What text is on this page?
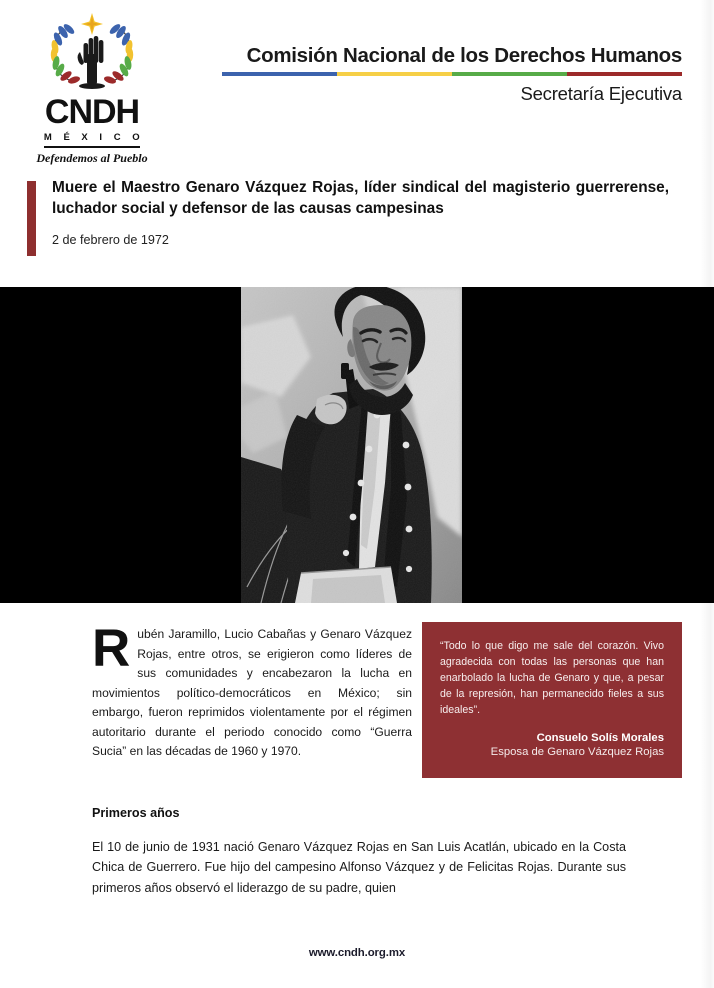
CNDH
M É X I C O
Defendemos al Pueblo
Comisión Nacional de los Derechos Humanos
Secretaría Ejecutiva
Muere el Maestro Genaro Vázquez Rojas, líder sindical del magisterio guerrerense, luchador social y defensor de las causas campesinas
2 de febrero de 1972

Rubén Jaramillo, Lucio Cabañas y Genaro Vázquez Rojas, entre otros, se erigieron como líderes de sus comunidades y encabezaron la lucha en movimientos político-democráticos en México; sin embargo, fueron reprimidos violentamente por el régimen autoritario durante el periodo conocido como “Guerra Sucia” en las décadas de 1960 y 1970.

“Todo lo que digo me sale del corazón. Vivo agradecida con todas las personas que han enarbolado la lucha de Genaro y que, a pesar de la represión, han permanecido fieles a sus ideales”.

Consuelo Solís Morales
Esposa de Genaro Vázquez Rojas
Primeros años

El 10 de junio de 1931 nació Genaro Vázquez Rojas en San Luis Acatlán, ubicado en la Costa Chica de Guerrero. Fue hijo del campesino Alfonso Vázquez y de Felicitas Rojas. Durante sus primeros años observó el liderazgo de su padre, quien

www.cndh.org.mx
